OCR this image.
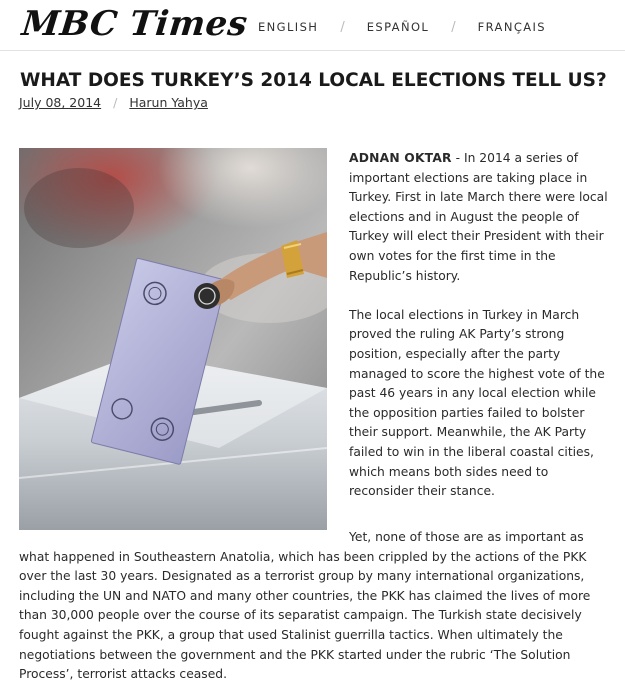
MBC Times ENGLISH / ESPAÑOL / FRANÇAIS
WHAT DOES TURKEY’S 2014 LOCAL ELECTIONS TELL US?
July 08, 2014 / Harun Yahya

ADNAN OKTAR - In 2014 a series of important elections are taking place in Turkey. First in late March there were local elections and in August the people of Turkey will elect their President with their own votes for the first time in the Republic’s history.

The local elections in Turkey in March proved the ruling AK Party’s strong position, especially after the party managed to score the highest vote of the past 46 years in any local election while the opposition parties failed to bolster their support. Meanwhile, the AK Party failed to win in the liberal coastal cities, which means both sides need to reconsider their stance.

Yet, none of those are as important as what happened in Southeastern Anatolia, which has been crippled by the actions of the PKK over the last 30 years. Designated as a terrorist group by many international organizations, including the UN and NATO and many other countries, the PKK has claimed the lives of more than 30,000 people over the course of its separatist campaign. The Turkish state decisively fought against the PKK, a group that used Stalinist guerrilla tactics. When ultimately the negotiations between the government and the PKK started under the rubric ‘The Solution Process’, terrorist attacks ceased.
